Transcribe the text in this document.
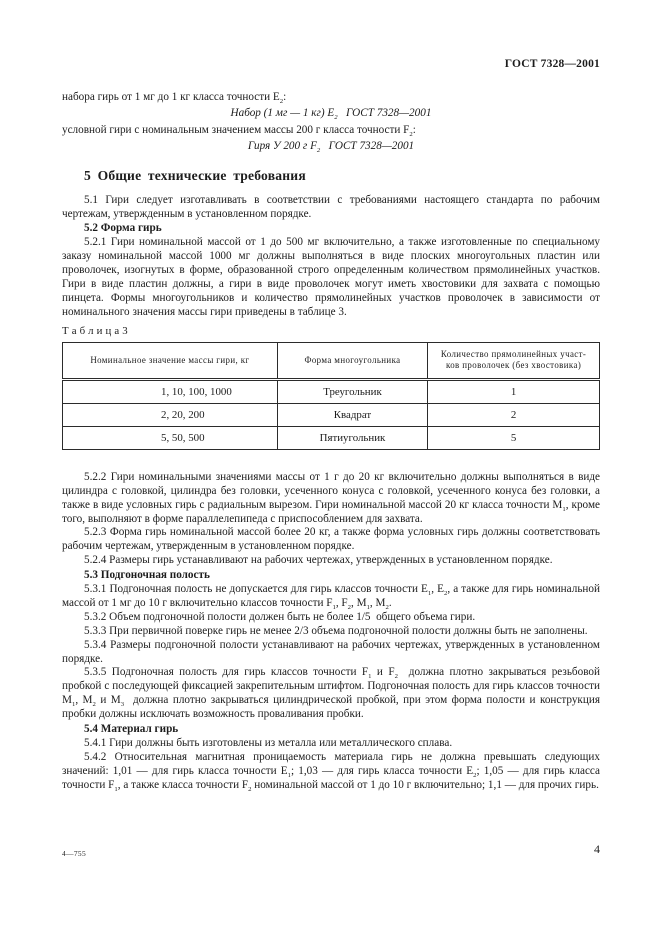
ГОСТ 7328—2001

набора гирь от 1 мг до 1 кг класса точности $Е_2$:

Набор (1 мг — 1 кг) $Е_2$   ГОСТ 7328—2001

условной гири с номинальным значением массы 200 г класса точности $F_2$:

Гиря У 200 г $F_2$   ГОСТ 7328—2001

5 Общие технические требования

5.1 Гири следует изготавливать в соответствии с требованиями настоящего стандарта по рабочим чертежам, утвержденным в установленном порядке.

5.2 Форма гирь

5.2.1 Гири номинальной массой от 1 до 500 мг включительно, а также изготовленные по специальному заказу номинальной массой 1000 мг должны выполняться в виде плоских многоугольных пластин или проволочек, изогнутых в форме, образованной строго определенным количеством прямолинейных участков. Гири в виде пластин должны, а гири в виде проволочек могут иметь хвостовики для захвата с помощью пинцета. Формы многоугольников и количество прямолинейных участков проволочек в зависимости от номинального значения массы гири приведены в таблице 3.

Т а б л и ц а 3
Номинальное значение массы гири, кг	Форма многоугольника	Количество прямолинейных участ-
ков проволочек (без хвостовика)
1, 10, 100, 1000	Треугольник	1
2, 20, 200	Квадрат	2
5, 50, 500	Пятиугольник	5

5.2.2 Гири номинальными значениями массы от 1 г до 20 кг включительно должны выполняться в виде цилиндра с головкой, цилиндра без головки, усеченного конуса с головкой, усеченного конуса без головки, а также в виде условных гирь с радиальным вырезом. Гири номинальной массой 20 кг класса точности $М_1$, кроме того, выполняют в форме параллелепипеда с приспособлением для захвата.

5.2.3 Форма гирь номинальной массой более 20 кг, а также форма условных гирь должны соответствовать рабочим чертежам, утвержденным в установленном порядке.

5.2.4 Размеры гирь устанавливают на рабочих чертежах, утвержденных в установленном порядке.

5.3 Подгоночная полость

5.3.1 Подгоночная полость не допускается для гирь классов точности $Е_1$, $Е_2$, а также для гирь номинальной массой от 1 мг до 10 г включительно классов точности $F_1$, $F_2$, $М_1$, $М_2$.

5.3.2 Объем подгоночной полости должен быть не более 1/5  общего объема гири.

5.3.3 При первичной поверке гирь не менее 2/3 объема подгоночной полости должны быть не заполнены.

5.3.4 Размеры подгоночной полости устанавливают на рабочих чертежах, утвержденных в установленном порядке.

5.3.5 Подгоночная полость для гирь классов точности $F_1$ и $F_2$  должна плотно закрываться резьбовой пробкой с последующей фиксацией закрепительным штифтом. Подгоночная полость для гирь классов точности $М_1$, $М_2$ и $М_3$  должна плотно закрываться цилиндрической пробкой, при этом форма полости и конструкция пробки должны исключать возможность проваливания пробки.

5.4 Материал гирь

5.4.1 Гири должны быть изготовлены из металла или металлического сплава.

5.4.2 Относительная магнитная проницаемость материала гирь не должна превышать следующих значений: 1,01 — для гирь класса точности $Е_1$; 1,03 — для гирь класса точности $Е_2$; 1,05 — для гирь класса точности $F_1$, а также класса точности $F_2$ номинальной массой от 1 до 10 г включительно; 1,1 — для прочих гирь.

4—755	4
